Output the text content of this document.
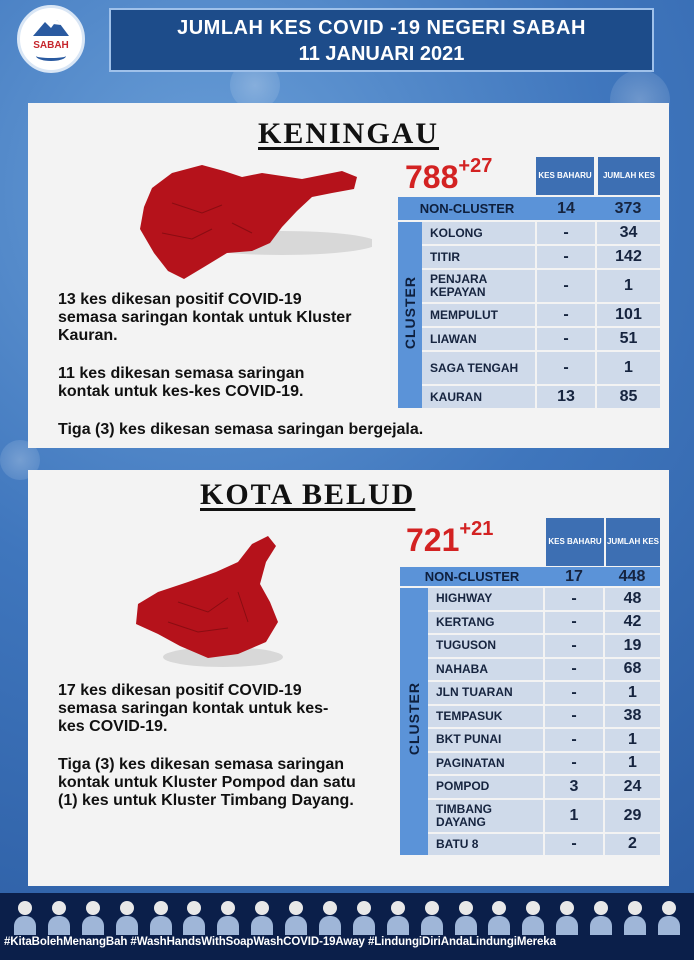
SABAH
JUMLAH KES COVID -19 NEGERI SABAH
11 JANUARI 2021
KENINGAU
$788^{+27}$	KES BAHARU	JUMLAH KES
NON-CLUSTER		14	373
CLUSTER	KOLONG	-	34
	TITIR	-	142
	PENJARA KEPAYAN	-	1
	MEMPULUT	-	101
	LIAWAN	-	51
	SAGA TENGAH	-	1
	KAURAN	13	85
13 kes dikesan positif COVID-19 semasa saringan kontak untuk Kluster Kauran.
11 kes dikesan semasa saringan kontak untuk kes-kes COVID-19.
Tiga (3) kes dikesan semasa saringan bergejala.
KOTA BELUD
$721^{+21}$
KES BAHARU JUMLAH KES
NON-CLUSTER		17	448
CLUSTER	HIGHWAY	-	48
	KERTANG	-	42
	TUGUSON	-	19
	NAHABA	-	68
	JLN TUARAN	-	1
	TEMPASUK	-	38
	BKT PUNAI	-	1
	PAGINATAN	-	1
	POMPOD	3	24
	TIMBANG DAYANG	1	29
	BATU 8	-	2
17 kes dikesan positif COVID-19 semasa saringan kontak untuk kes-kes COVID-19.
Tiga (3) kes dikesan semasa saringan kontak untuk Kluster Pompod dan satu (1) kes untuk Kluster Timbang Dayang.
#KitaBolehMenangBah #WashHandsWithSoapWashCOVID-19Away #LindungiDiriAndaLindungiMereka
